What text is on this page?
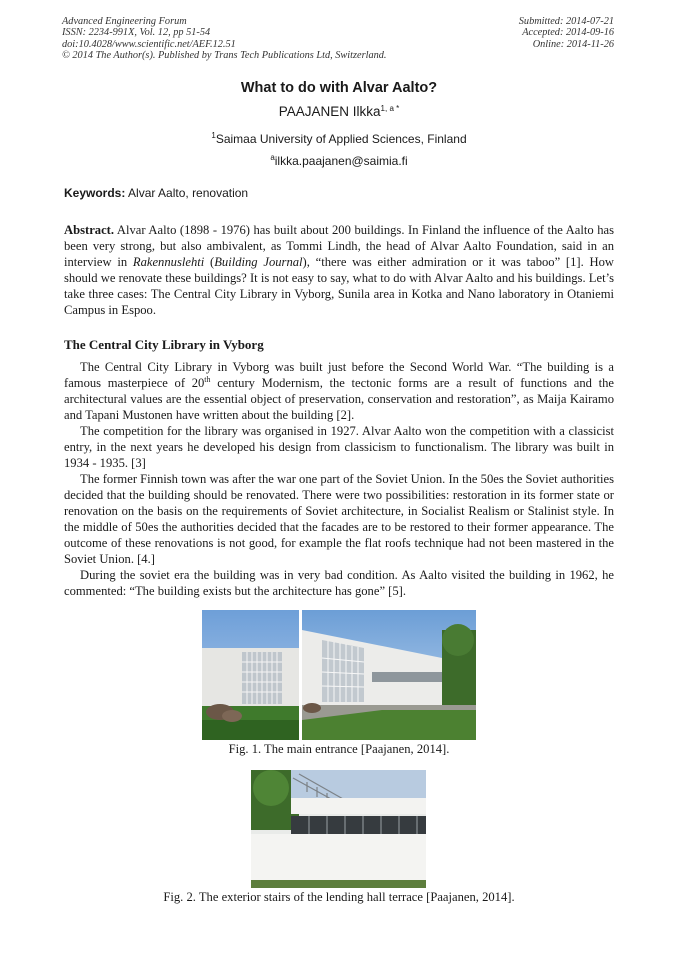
Advanced Engineering Forum
ISSN: 2234-991X, Vol. 12, pp 51-54
doi:10.4028/www.scientific.net/AEF.12.51
© 2014 The Author(s). Published by Trans Tech Publications Ltd, Switzerland.
Submitted: 2014-07-21
Accepted: 2014-09-16
Online: 2014-11-26
What to do with Alvar Aalto?
PAAJANEN Ilkka$^{1, a *}$
$^1$Saimaa University of Applied Sciences, Finland
$^a$ilkka.paajanen@saimia.fi
Keywords: Alvar Aalto, renovation

Abstract. Alvar Aalto (1898 - 1976) has built about 200 buildings. In Finland the influence of the Aalto has been very strong, but also ambivalent, as Tommi Lindh, the head of Alvar Aalto Foundation, said in an interview in Rakennuslehti (Building Journal), “there was either admiration or it was taboo” [1]. How should we renovate these buildings? It is not easy to say, what to do with Alvar Aalto and his buildings. Let’s take three cases: The Central City Library in Vyborg, Sunila area in Kotka and Nano laboratory in Otaniemi Campus in Espoo.

The Central City Library in Vyborg

The Central City Library in Vyborg was built just before the Second World War. “The building is a famous masterpiece of 20th century Modernism, the tectonic forms are a result of functions and the architectural values are the essential object of preservation, conservation and restoration”, as Maija Kairamo and Tapani Mustonen have written about the building [2].

The competition for the library was organised in 1927. Alvar Aalto won the competition with a classicist entry, in the next years he developed his design from classicism to functionalism. The library was built in 1934 - 1935. [3]

The former Finnish town was after the war one part of the Soviet Union. In the 50es the Soviet authorities decided that the building should be renovated. There were two possibilities: restoration in its former state or renovation on the basis on the requirements of Soviet architecture, in Socialist Realism or Stalinist style. In the middle of 50es the authorities decided that the facades are to be restored to their former appearance. The outcome of these renovations is not good, for example the flat roofs technique had not been mastered in the Soviet Union. [4.]

During the soviet era the building was in very bad condition. As Aalto visited the building in 1962, he commented: “The building exists but the architecture has gone” [5].

Fig. 1. The main entrance [Paajanen, 2014].
Fig. 2. The exterior stairs of the lending hall terrace [Paajanen, 2014].
